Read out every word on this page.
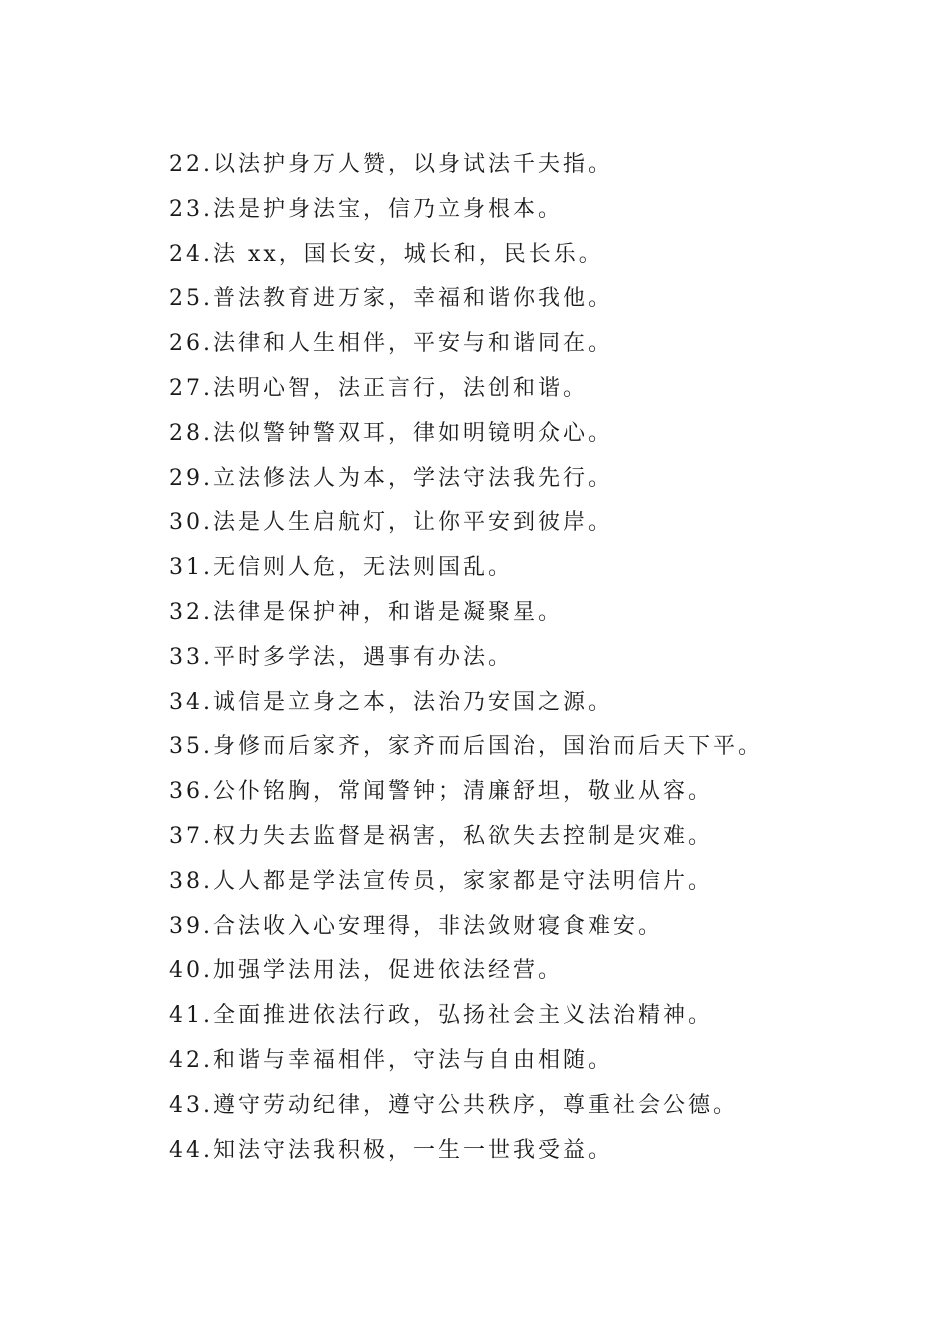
22.以法护身万人赞，以身试法千夫指。
23.法是护身法宝，信乃立身根本。
24.法 xx，国长安，城长和，民长乐。
25.普法教育进万家，幸福和谐你我他。
26.法律和人生相伴，平安与和谐同在。
27.法明心智，法正言行，法创和谐。
28.法似警钟警双耳，律如明镜明众心。
29.立法修法人为本，学法守法我先行。
30.法是人生启航灯，让你平安到彼岸。
31.无信则人危，无法则国乱。
32.法律是保护神，和谐是凝聚星。
33.平时多学法，遇事有办法。
34.诚信是立身之本，法治乃安国之源。
35.身修而后家齐，家齐而后国治，国治而后天下平。
36.公仆铭胸，常闻警钟；清廉舒坦，敬业从容。
37.权力失去监督是祸害，私欲失去控制是灾难。
38.人人都是学法宣传员，家家都是守法明信片。
39.合法收入心安理得，非法敛财寝食难安。
40.加强学法用法，促进依法经营。
41.全面推进依法行政，弘扬社会主义法治精神。
42.和谐与幸福相伴，守法与自由相随。
43.遵守劳动纪律，遵守公共秩序，尊重社会公德。
44.知法守法我积极，一生一世我受益。
